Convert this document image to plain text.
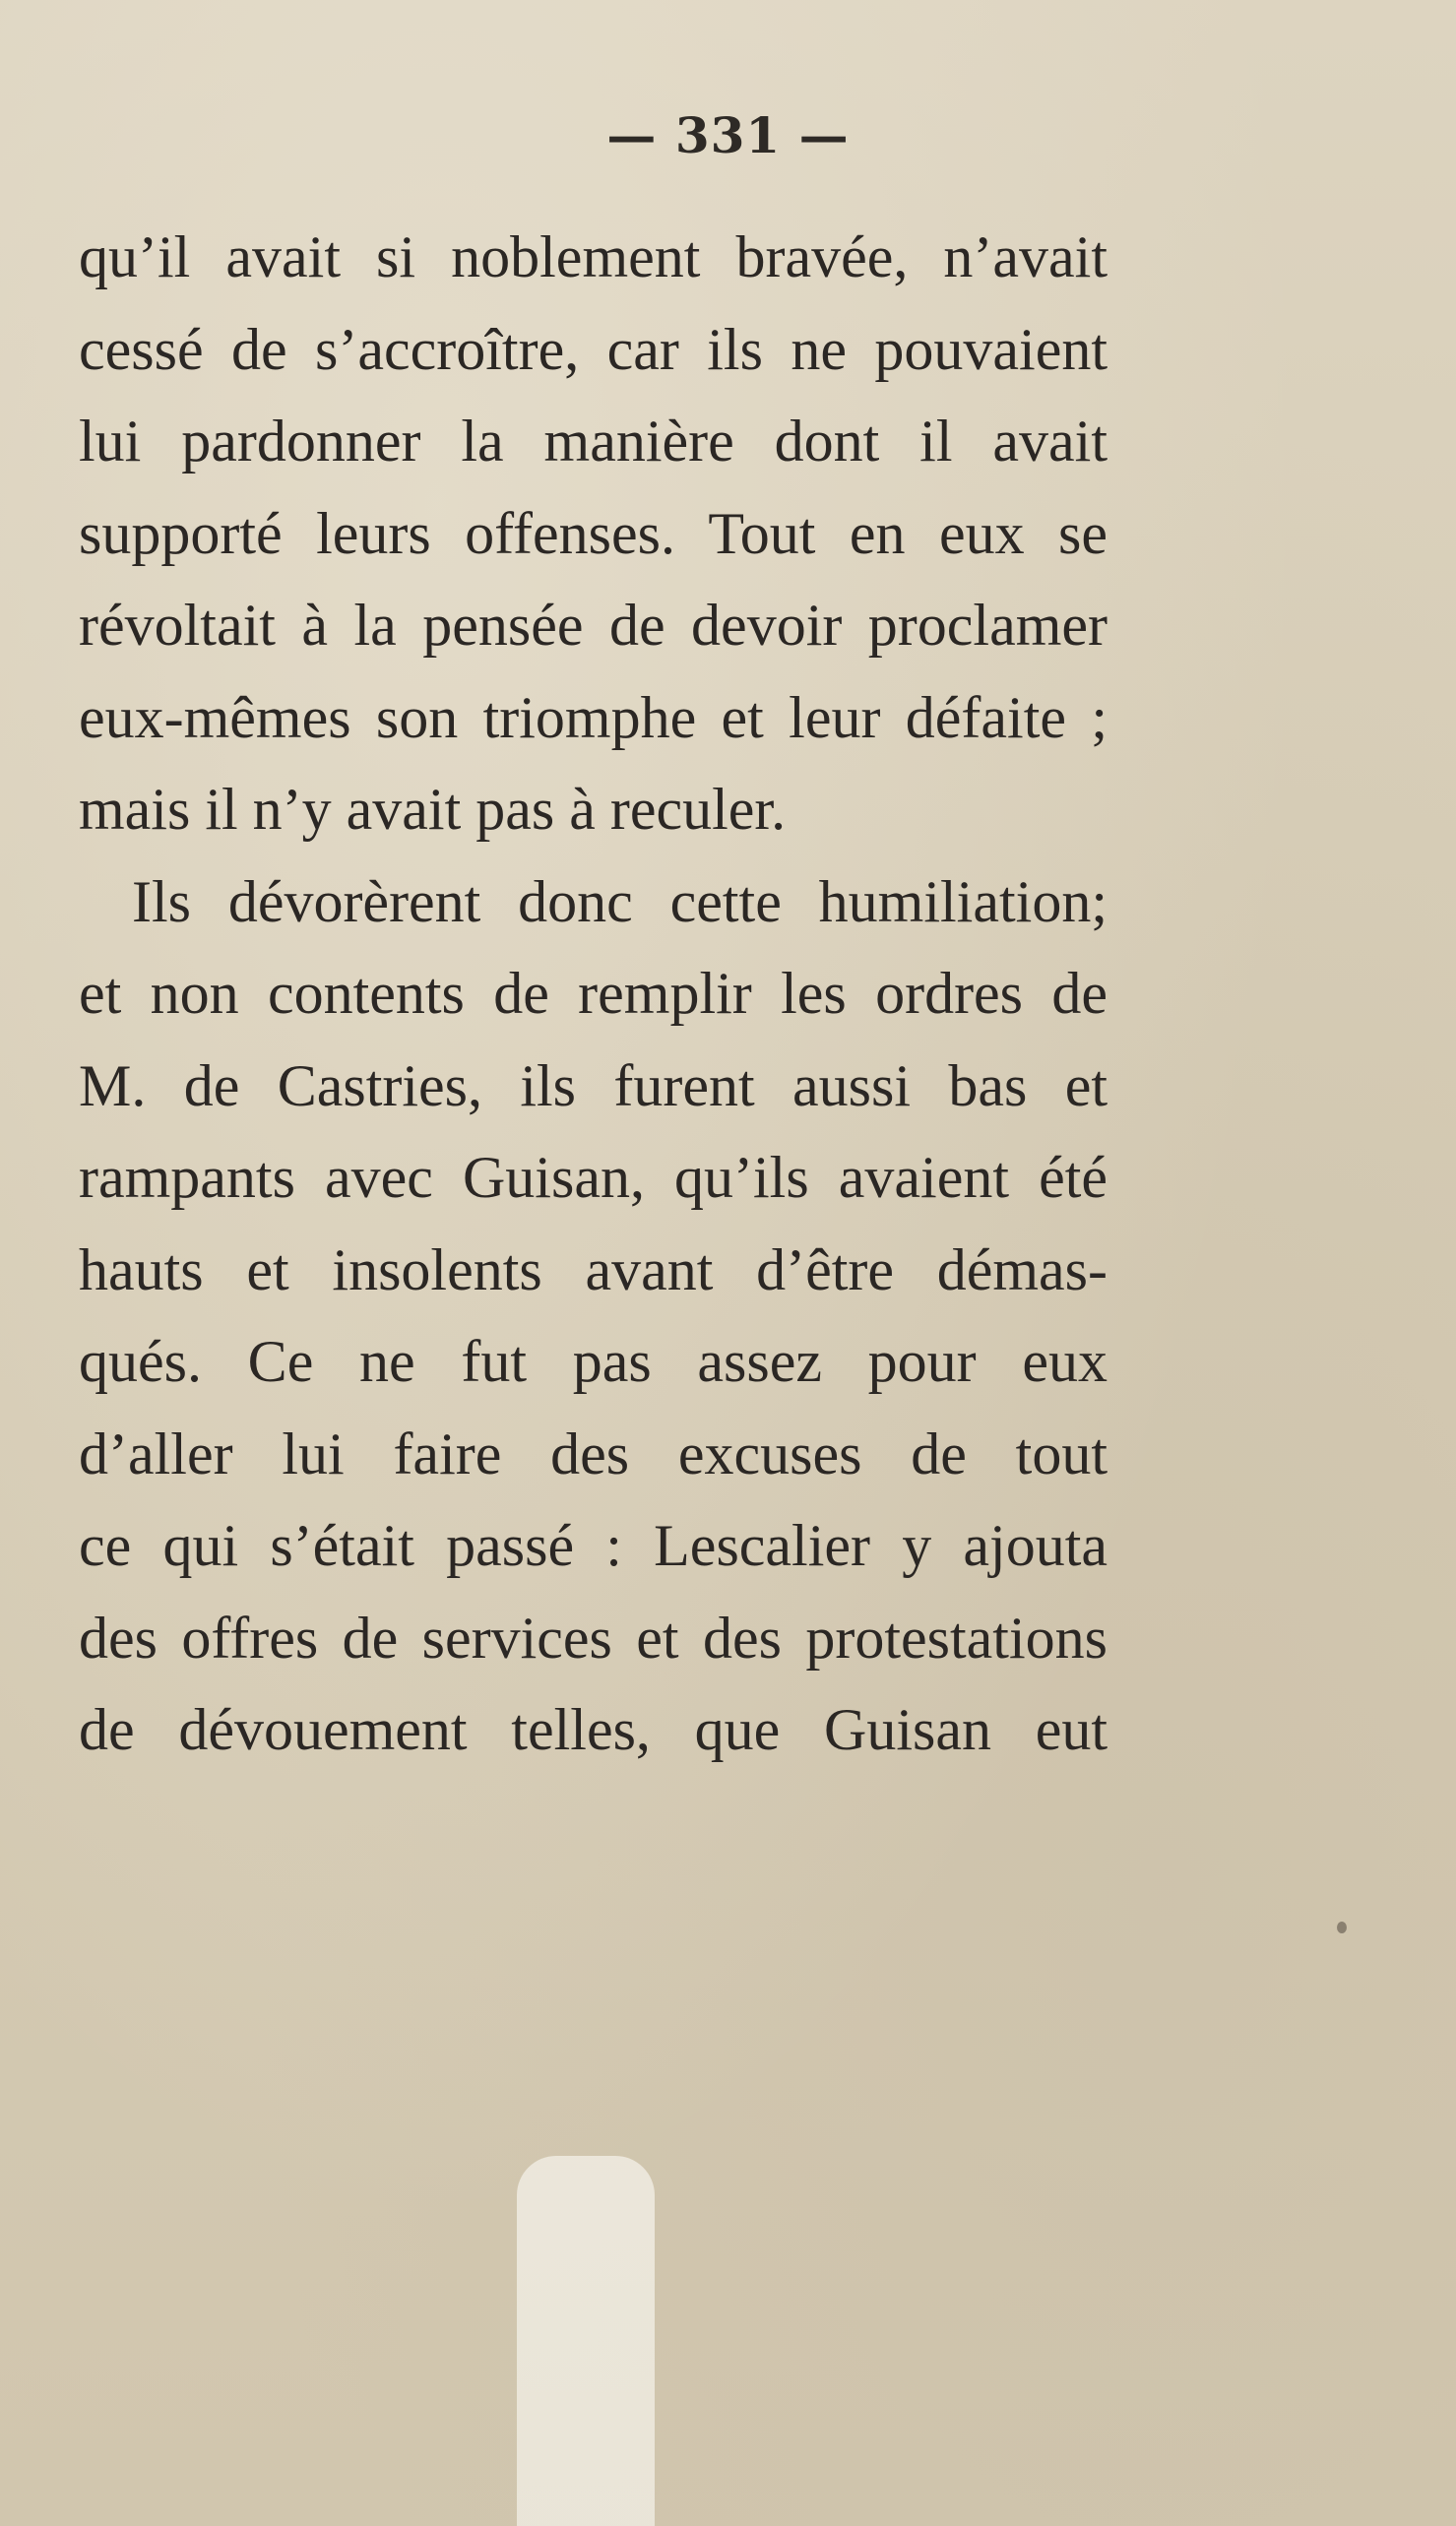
— 331 —
qu’il avait si noblement bravée, n’avait
cessé de s’accroître, car ils ne pouvaient
lui pardonner la manière dont il avait
supporté leurs offenses. Tout en eux se
révoltait à la pensée de devoir proclamer
eux-mêmes son triomphe et leur défaite ;
mais il n’y avait pas à reculer.
Ils dévorèrent donc cette humiliation;
et non contents de remplir les ordres de
M. de Castries, ils furent aussi bas et
rampants avec Guisan, qu’ils avaient été
hauts et insolents avant d’être démas-
qués. Ce ne fut pas assez pour eux
d’aller lui faire des excuses de tout
ce qui s’était passé : Lescalier y ajouta
des offres de services et des protestations
de dévouement telles, que Guisan eut
